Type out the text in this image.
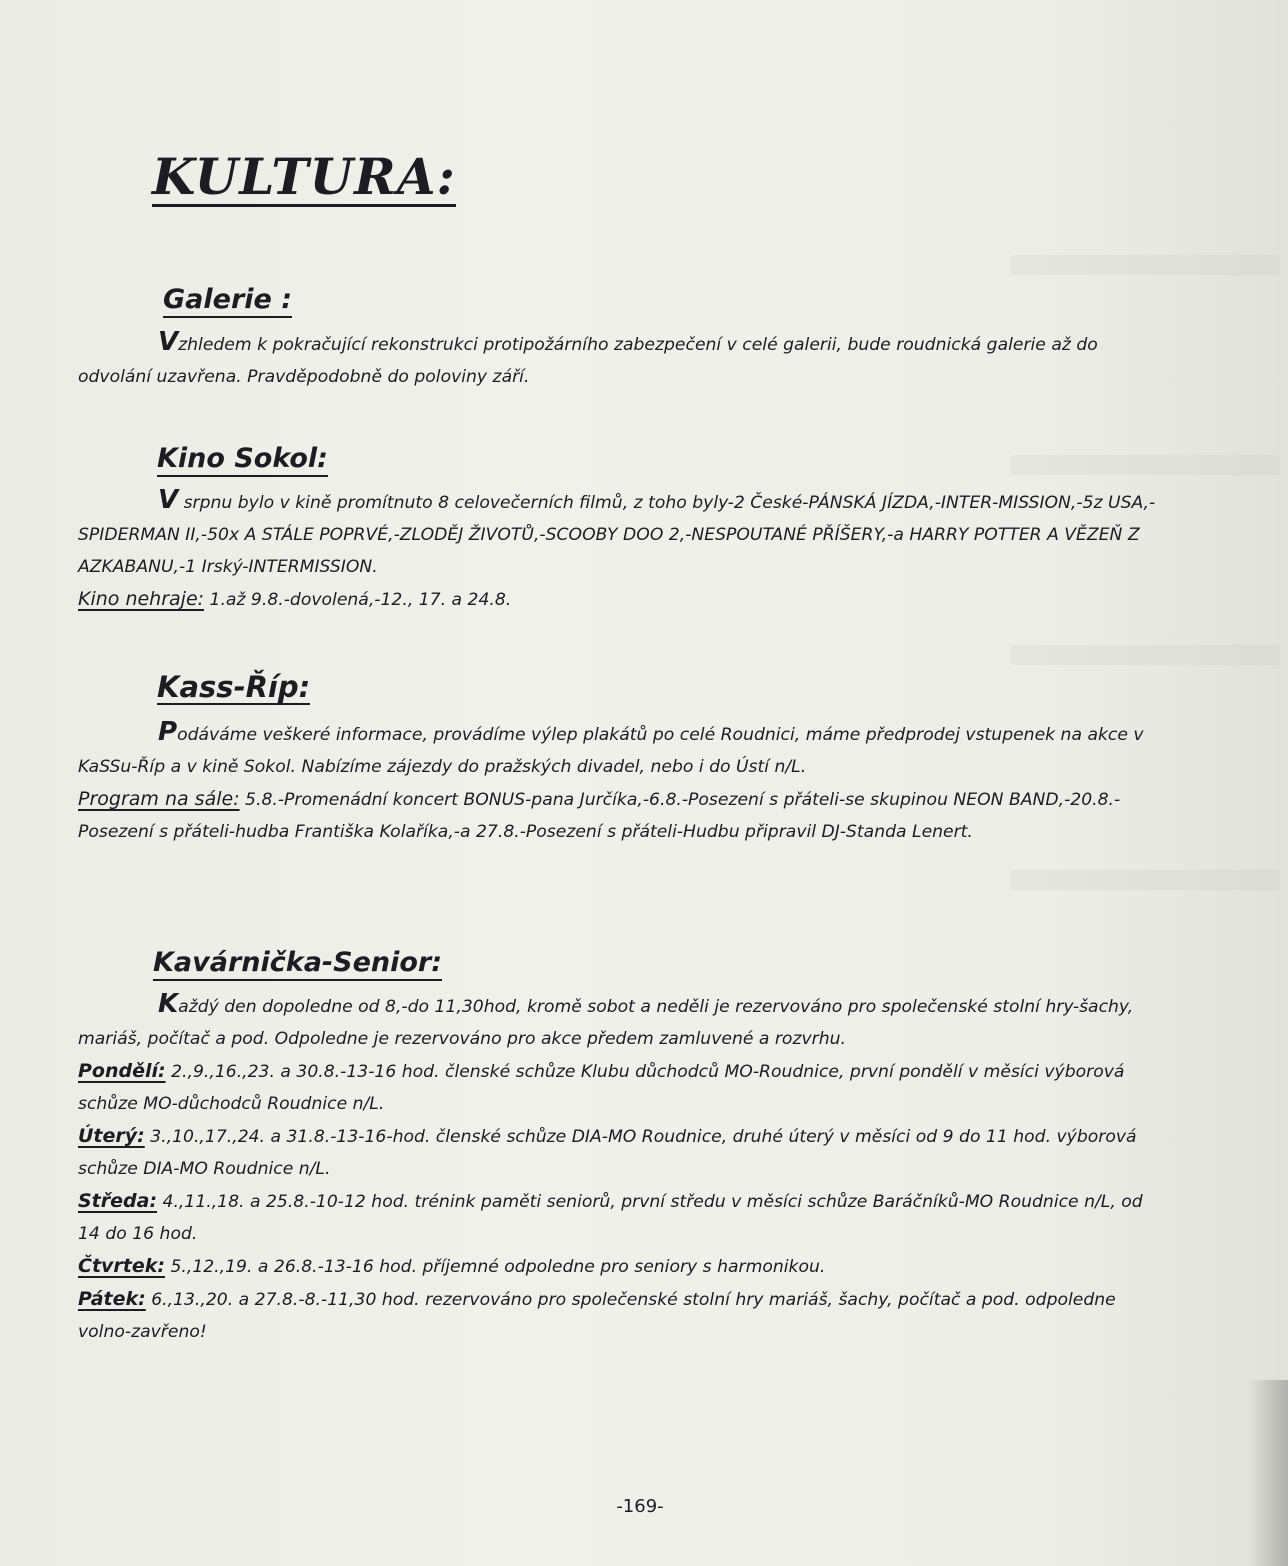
KULTURA:
Galerie :

Vzhledem k pokračující rekonstrukci protipožárního zabezpečení v celé galerii, bude roudnická galerie až do odvolání uzavřena. Pravděpodobně do poloviny září.

Kino Sokol:

V srpnu bylo v kině promítnuto 8 celovečerních filmů, z toho byly-2 České-PÁNSKÁ JÍZDA,-INTER-MISSION,-5z USA,-SPIDERMAN II,-50x A STÁLE POPRVÉ,-ZLODĚJ ŽIVOTŮ,-SCOOBY DOO 2,-NESPOUTANÉ PŘÍŠERY,-a HARRY POTTER A VĚZEŇ Z AZKABANU,-1 Irský-INTERMISSION.
Kino nehraje: 1.až 9.8.-dovolená,-12., 17. a 24.8.

Kass-Říp:

Podáváme veškeré informace, provádíme výlep plakátů po celé Roudnici, máme předprodej vstupenek na akce v KaSSu-Říp a v kině Sokol. Nabízíme zájezdy do pražských divadel, nebo i do Ústí n/L.
Program na sále: 5.8.-Promenádní koncert BONUS-pana Jurčíka,-6.8.-Posezení s přáteli-se skupinou NEON BAND,-20.8.-Posezení s přáteli-hudba Františka Kolaříka,-a 27.8.-Posezení s přáteli-Hudbu připravil DJ-Standa Lenert.

Kavárnička-Senior:

Každý den dopoledne od 8,-do 11,30hod, kromě sobot a neděli je rezervováno pro společenské stolní hry-šachy, mariáš, počítač a pod. Odpoledne je rezervováno pro akce předem zamluvené a rozvrhu.
Pondělí: 2.,9.,16.,23. a 30.8.-13-16 hod. členské schůze Klubu důchodců MO-Roudnice, první pondělí v měsíci výborová schůze MO-důchodců Roudnice n/L.
Úterý: 3.,10.,17.,24. a 31.8.-13-16-hod. členské schůze DIA-MO Roudnice, druhé úterý v měsíci od 9 do 11 hod. výborová schůze DIA-MO Roudnice n/L.
Středa: 4.,11.,18. a 25.8.-10-12 hod. trénink paměti seniorů, první středu v měsíci schůze Baráčníků-MO Roudnice n/L, od 14 do 16 hod.
Čtvrtek: 5.,12.,19. a 26.8.-13-16 hod. příjemné odpoledne pro seniory s harmonikou.
Pátek: 6.,13.,20. a 27.8.-8.-11,30 hod. rezervováno pro společenské stolní hry mariáš, šachy, počítač a pod. odpoledne volno-zavřeno!

-169-
